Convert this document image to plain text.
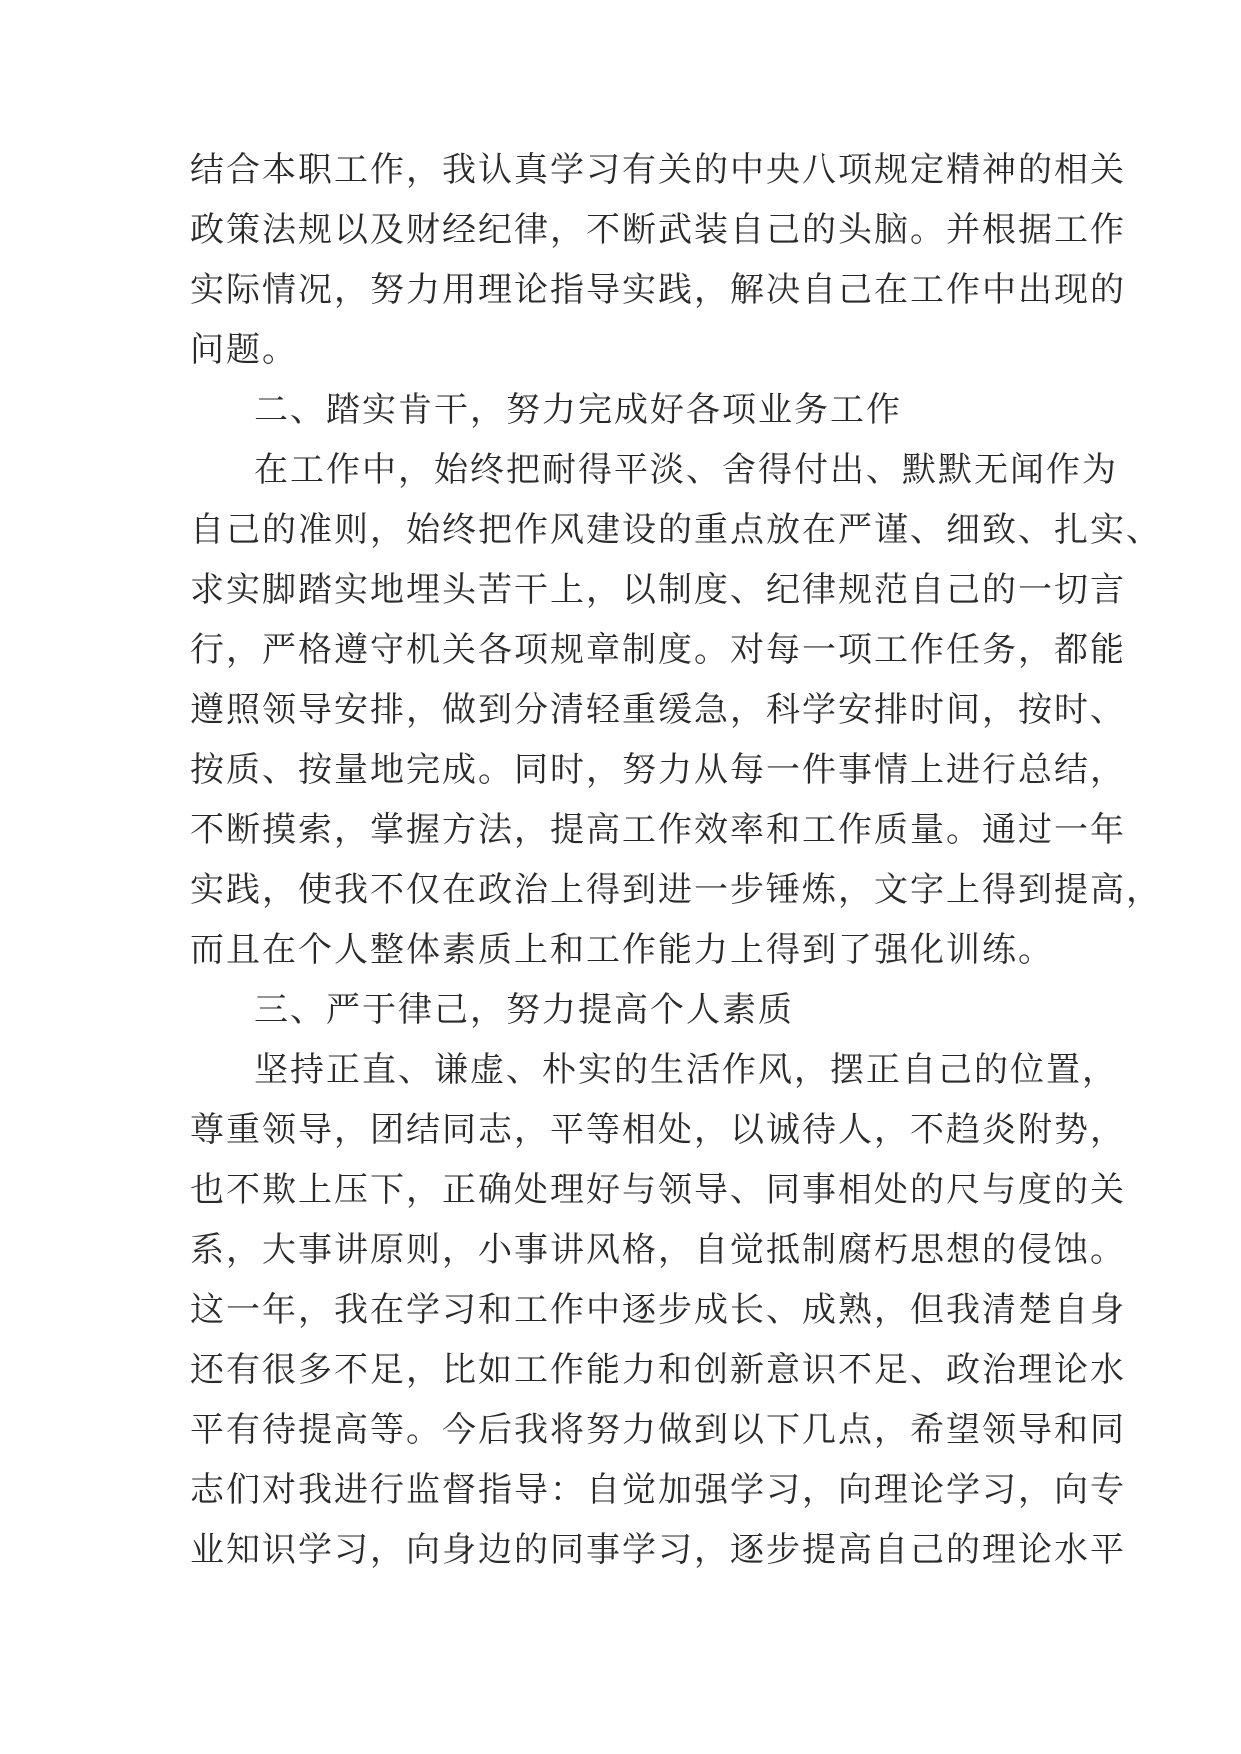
结合本职工作，我认真学习有关的中央八项规定精神的相关
政策法规以及财经纪律，不断武装自己的头脑。并根据工作
实际情况，努力用理论指导实践，解决自己在工作中出现的
问题。
二、踏实肯干，努力完成好各项业务工作
在工作中，始终把耐得平淡、舍得付出、默默无闻作为
自己的准则，始终把作风建设的重点放在严谨、细致、扎实、
求实脚踏实地埋头苦干上，以制度、纪律规范自己的一切言
行，严格遵守机关各项规章制度。对每一项工作任务，都能
遵照领导安排，做到分清轻重缓急，科学安排时间，按时、
按质、按量地完成。同时，努力从每一件事情上进行总结，
不断摸索，掌握方法，提高工作效率和工作质量。通过一年
实践，使我不仅在政治上得到进一步锤炼，文字上得到提高，
而且在个人整体素质上和工作能力上得到了强化训练。
三、严于律己，努力提高个人素质
坚持正直、谦虚、朴实的生活作风，摆正自己的位置，
尊重领导，团结同志，平等相处，以诚待人，不趋炎附势，
也不欺上压下，正确处理好与领导、同事相处的尺与度的关
系，大事讲原则，小事讲风格，自觉抵制腐朽思想的侵蚀。
这一年，我在学习和工作中逐步成长、成熟，但我清楚自身
还有很多不足，比如工作能力和创新意识不足、政治理论水
平有待提高等。今后我将努力做到以下几点，希望领导和同
志们对我进行监督指导：自觉加强学习，向理论学习，向专
业知识学习，向身边的同事学习，逐步提高自己的理论水平
